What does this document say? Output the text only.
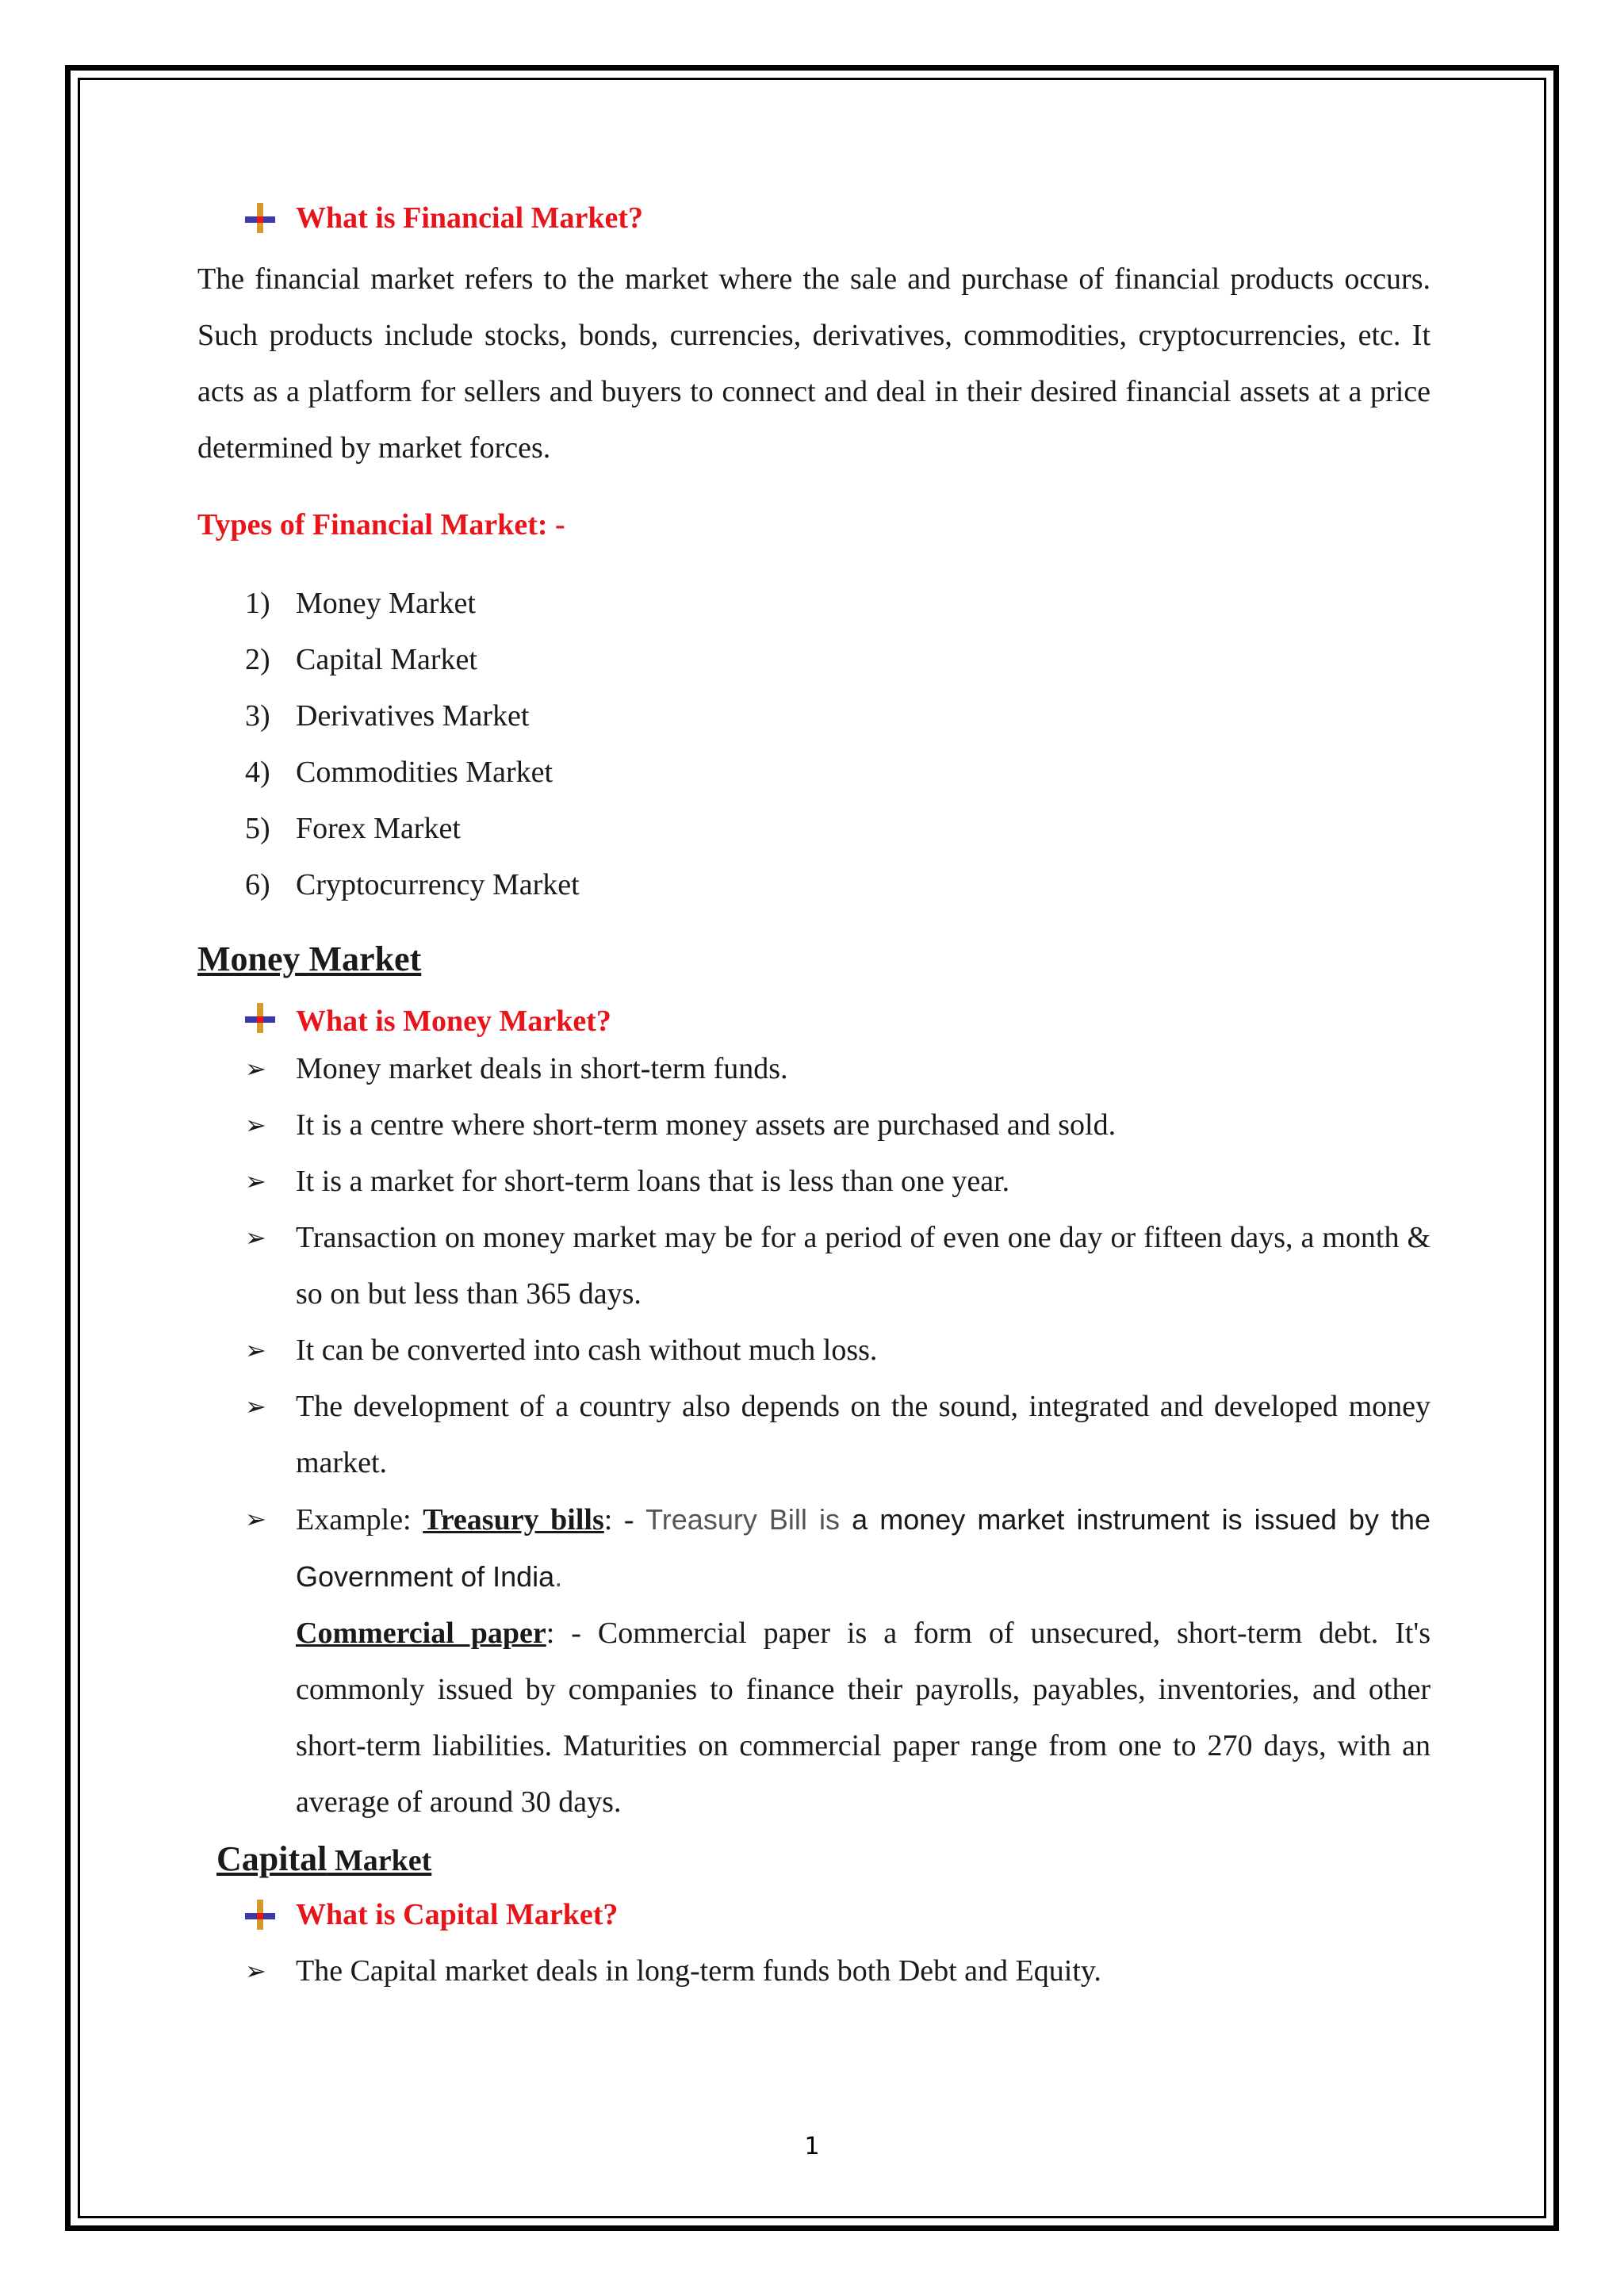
What is Financial Market?

The financial market refers to the market where the sale and purchase of financial products occurs. Such products include stocks, bonds, currencies, derivatives, commodities, cryptocurrencies, etc. It acts as a platform for sellers and buyers to connect and deal in their desired financial assets at a price determined by market forces.

Types of Financial Market: -
1) Money Market
2) Capital Market
3) Derivatives Market
4) Commodities Market
5) Forex Market
6) Cryptocurrency Market
Money Market
What is Money Market?
➢ Money market deals in short-term funds.
➢ It is a centre where short-term money assets are purchased and sold.
➢ It is a market for short-term loans that is less than one year.
➢ Transaction on money market may be for a period of even one day or fifteen days, a month & so on but less than 365 days.
➢ It can be converted into cash without much loss.
➢ The development of a country also depends on the sound, integrated and developed money market.
➢ Example: Treasury bills: - Treasury Bill is a money market instrument is issued by the Government of India.
Commercial paper: - Commercial paper is a form of unsecured, short-term debt. It's commonly issued by companies to finance their payrolls, payables, inventories, and other short-term liabilities. Maturities on commercial paper range from one to 270 days, with an average of around 30 days.
Capital Market
What is Capital Market?
➢ The Capital market deals in long-term funds both Debt and Equity.
1
